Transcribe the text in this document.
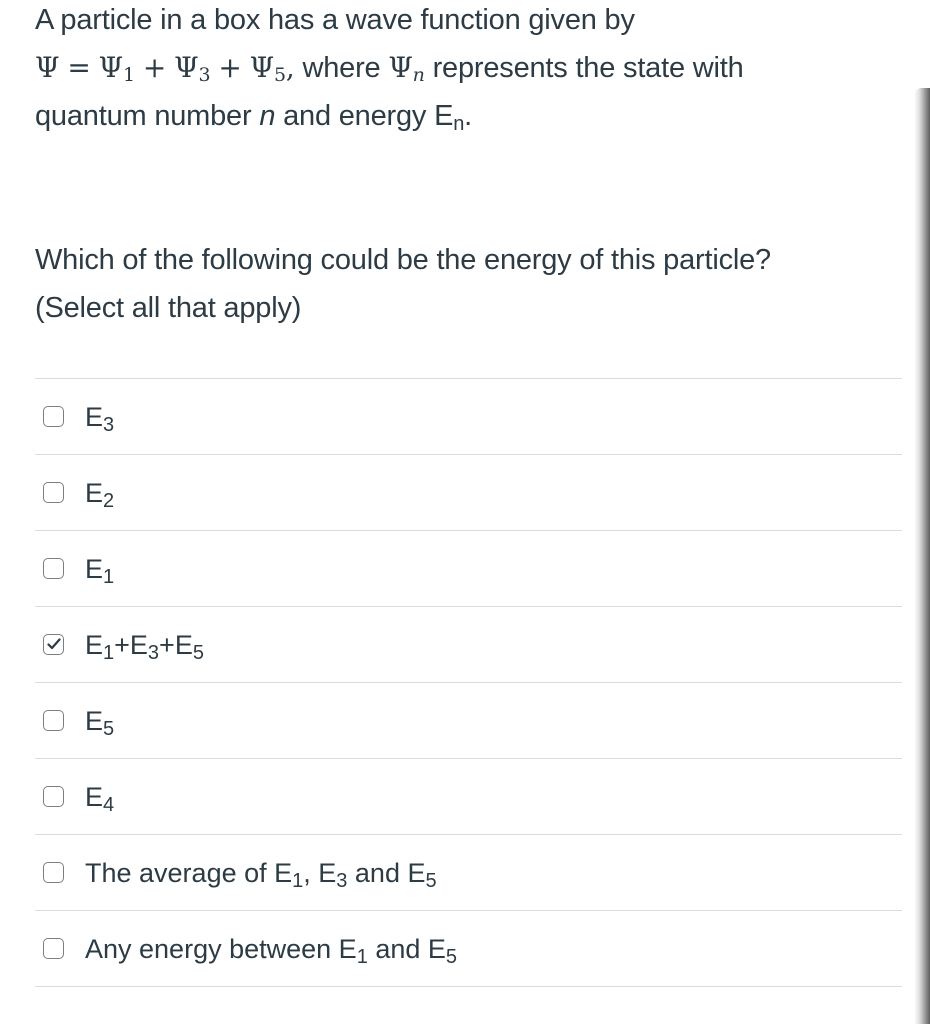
A particle in a box has a wave function given by
$\Psi = \Psi_1 + \Psi_3 + \Psi_5$, where $\Psi_n$ represents the state with
quantum number n and energy $E_n$.
Which of the following could be the energy of this particle?
(Select all that apply)
$E_3$
$E_2$
$E_1$
$E_1+E_3+E_5$
$E_5$
$E_4$
The average of $E_1$, $E_3$ and $E_5$
Any energy between $E_1$ and $E_5$
